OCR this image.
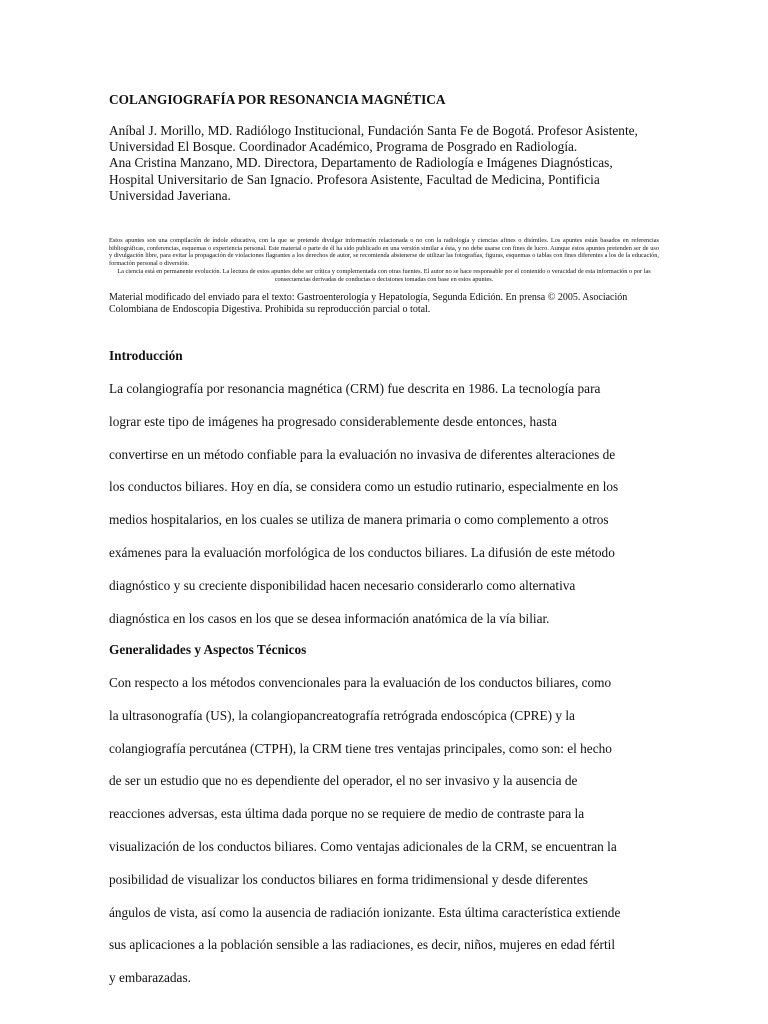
COLANGIOGRAFÍA POR RESONANCIA MAGNÉTICA

Aníbal J. Morillo, MD. Radiólogo Institucional, Fundación Santa Fe de Bogotá. Profesor Asistente, Universidad El Bosque. Coordinador Académico, Programa de Posgrado en Radiología.

Ana Cristina Manzano, MD. Directora, Departamento de Radiología e Imágenes Diagnósticas, Hospital Universitario de San Ignacio. Profesora Asistente, Facultad de Medicina, Pontificia Universidad Javeriana.

Estos apuntes son una compilación de índole educativa, con la que se pretende divulgar información relacionada o no con la radiología y ciencias afines o disímiles. Los apuntes están basados en referencias bibliográficas, conferencias, esquemas o experiencia personal. Este material o parte de él ha sido publicado en una versión similar a ésta, y no debe usarse con fines de lucro. Aunque estos apuntes pretenden ser de uso y divulgación libre, para evitar la propagación de violaciones flagrantes a los derechos de autor, se recomienda abstenerse de utilizar las fotografías, figuras, esquemas o tablas con fines diferentes a los de la educación, formación personal o diversión.

La ciencia está en permanente evolución. La lectura de estos apuntes debe ser crítica y complementada con otras fuentes. El autor no se hace responsable por el contenido o veracidad de esta información o por las consecuencias derivadas de conductas o decisiones tomadas con base en estos apuntes.

Material modificado del enviado para el texto: Gastroenterología y Hepatología, Segunda Edición. En prensa © 2005. Asociación Colombiana de Endoscopia Digestiva. Prohibida su reproducción parcial o total.

Introducción
La colangiografía por resonancia magnética (CRM) fue descrita en 1986. La tecnología para
lograr este tipo de imágenes ha progresado considerablemente desde entonces, hasta
convertirse en un método confiable para la evaluación no invasiva de diferentes alteraciones de
los conductos biliares. Hoy en día, se considera como un estudio rutinario, especialmente en los
medios hospitalarios, en los cuales se utiliza de manera primaria o como complemento a otros
exámenes para la evaluación morfológica de los conductos biliares. La difusión de este método
diagnóstico y su creciente disponibilidad hacen necesario considerarlo como alternativa
diagnóstica en los casos en los que se desea información anatómica de la vía biliar.
Generalidades y Aspectos Técnicos
Con respecto a los métodos convencionales para la evaluación de los conductos biliares, como
la ultrasonografía (US), la colangiopancreatografía retrógrada endoscópica (CPRE) y la
colangiografía percutánea (CTPH), la CRM tiene tres ventajas principales, como son: el hecho
de ser un estudio que no es dependiente del operador, el no ser invasivo y la ausencia de
reacciones adversas, esta última dada porque no se requiere de medio de contraste para la
visualización de los conductos biliares. Como ventajas adicionales de la CRM, se encuentran la
posibilidad de visualizar los conductos biliares en forma tridimensional y desde diferentes
ángulos de vista, así como la ausencia de radiación ionizante. Esta última característica extiende
sus aplicaciones a la población sensible a las radiaciones, es decir, niños, mujeres en edad fértil
y embarazadas.
